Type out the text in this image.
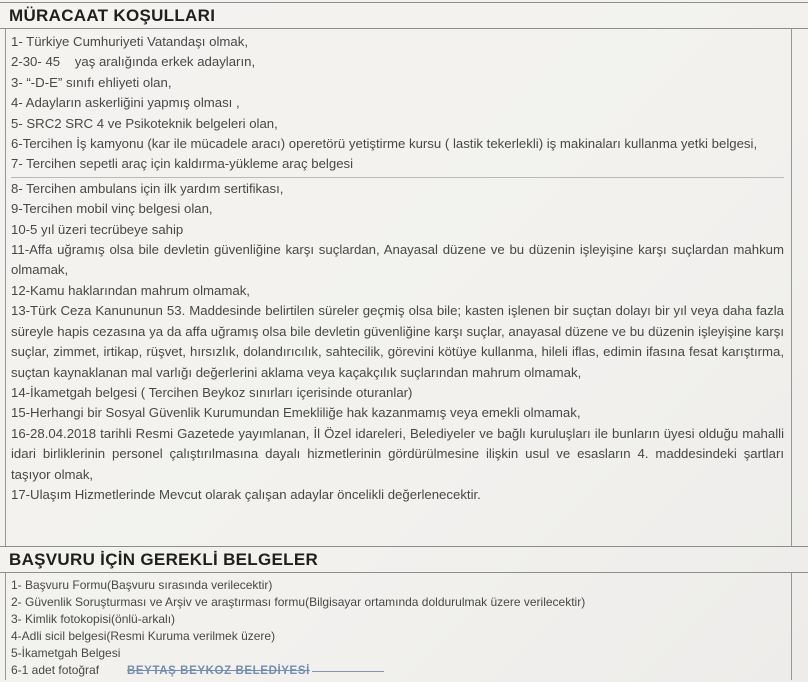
MÜRACAAT KOŞULLARI
1- Türkiye Cumhuriyeti Vatandaşı olmak,
2-30- 45    yaş aralığında erkek adayların,
3- “-D-E” sınıfı ehliyeti olan,
4- Adayların askerliğini yapmış olması ,
5- SRC2 SRC 4 ve Psikoteknik belgeleri olan,
6-Tercihen İş kamyonu (kar ile mücadele aracı) operetörü yetiştirme kursu ( lastik tekerlekli) iş makinaları kullanma yetki belgesi,
7- Tercihen sepetli araç için kaldırma-yükleme araç belgesi
8- Tercihen ambulans için ilk yardım sertifikası,
9-Tercihen mobil vinç belgesi olan,
10-5 yıl üzeri tecrübeye sahip
11-Affa uğramış olsa bile devletin güvenliğine karşı suçlardan, Anayasal düzene ve bu düzenin işleyişine karşı suçlardan mahkum olmamak,
12-Kamu haklarından mahrum olmamak,
13-Türk Ceza Kanununun 53. Maddesinde belirtilen süreler geçmiş olsa bile; kasten işlenen bir suçtan dolayı bir yıl veya daha fazla süreyle hapis cezasına ya da affa uğramış olsa bile devletin güvenliğine karşı suçlar, anayasal düzene ve bu düzenin işleyişine karşı suçlar, zimmet, irtikap, rüşvet, hırsızlık, dolandırıcılık, sahtecilik, görevini kötüye kullanma, hileli iflas, edimin ifasına fesat karıştırma, suçtan kaynaklanan mal varlığı değerlerini aklama veya kaçakçılık suçlarından mahrum olmamak,
14-İkametgah belgesi ( Tercihen Beykoz sınırları içerisinde oturanlar)
15-Herhangi bir Sosyal Güvenlik Kurumundan Emekliliğe hak kazanmamış veya emekli olmamak,
16-28.04.2018 tarihli Resmi Gazetede yayımlanan, İl Özel idareleri, Belediyeler ve bağlı kuruluşları ile bunların üyesi olduğu mahalli idari birliklerinin personel çalıştırılmasına dayalı hizmetlerinin gördürülmesine ilişkin usul ve esasların 4. maddesindeki şartları taşıyor olmak,
17-Ulaşım Hizmetlerinde Mevcut olarak çalışan adaylar öncelikli değerlenecektir.
BAŞVURU İÇİN GEREKLİ BELGELER
1- Başvuru Formu(Başvuru sırasında verilecektir)
2- Güvenlik Soruşturması ve Arşiv ve araştırması formu(Bilgisayar ortamında doldurulmak üzere verilecektir)
3- Kimlik fotokopisi(önlü-arkalı)
4-Adli sicil belgesi(Resmi Kuruma verilmek üzere)
5-İkametgah Belgesi
6-1 adet fotoğraf	BEYTAŞ BEYKOZ BELEDİYESİ
